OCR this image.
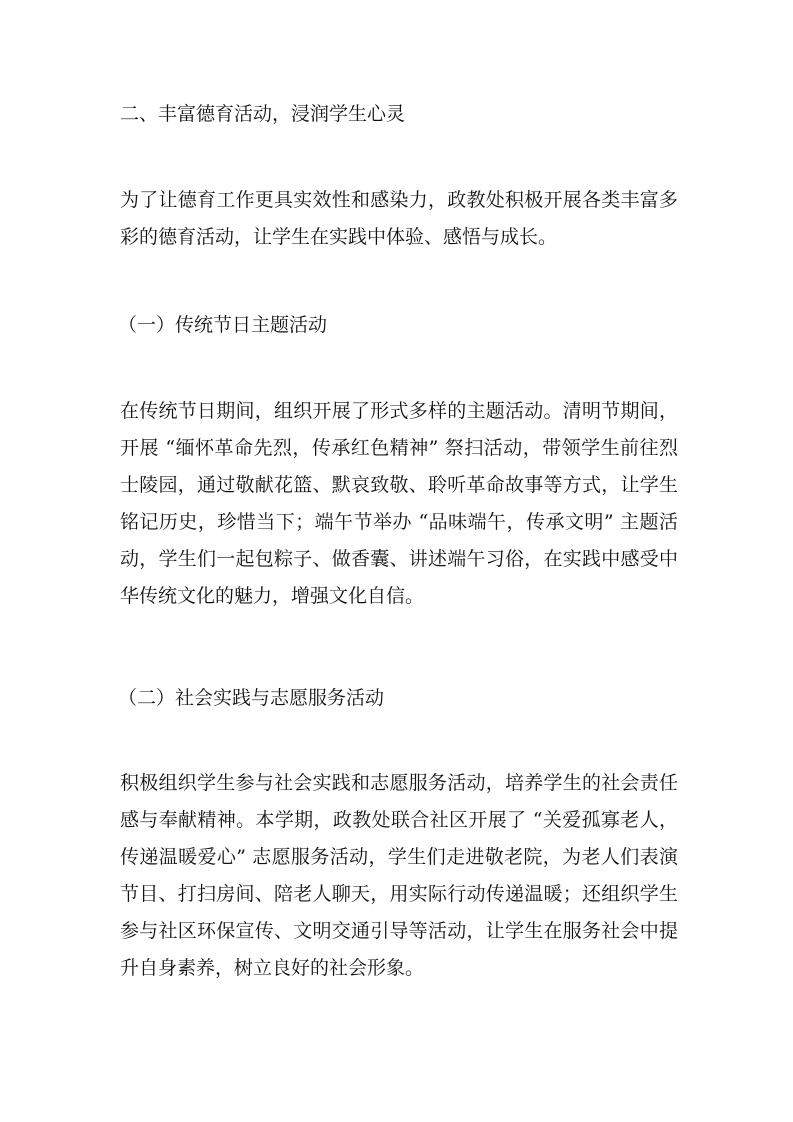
二、丰富德育活动，浸润学生心灵

为了让德育工作更具实效性和感染力，政教处积极开展各类丰富多彩的德育活动，让学生在实践中体验、感悟与成长。

（一）传统节日主题活动

在传统节日期间，组织开展了形式多样的主题活动。清明节期间，开展 “缅怀革命先烈，传承红色精神” 祭扫活动，带领学生前往烈士陵园，通过敬献花篮、默哀致敬、聆听革命故事等方式，让学生铭记历史，珍惜当下；端午节举办 “品味端午，传承文明” 主题活动，学生们一起包粽子、做香囊、讲述端午习俗，在实践中感受中华传统文化的魅力，增强文化自信。

（二）社会实践与志愿服务活动

积极组织学生参与社会实践和志愿服务活动，培养学生的社会责任感与奉献精神。本学期，政教处联合社区开展了 “关爱孤寡老人，传递温暖爱心” 志愿服务活动，学生们走进敬老院，为老人们表演节目、打扫房间、陪老人聊天，用实际行动传递温暖；还组织学生参与社区环保宣传、文明交通引导等活动，让学生在服务社会中提升自身素养，树立良好的社会形象。
